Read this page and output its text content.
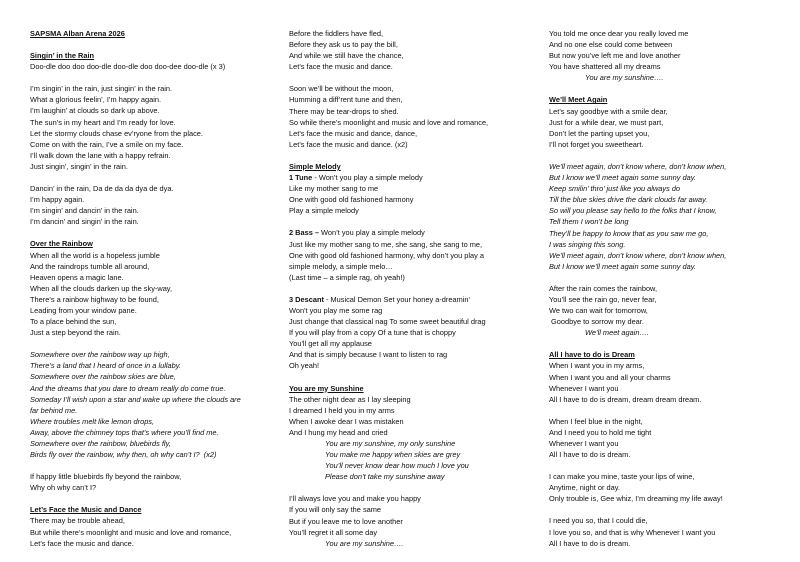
SAPSMA Alban Arena 2026
Singin’ in the Rain
Doo-dle doo doo doo-dle doo-dle doo doo-dee doo-dle (x 3)
I’m singin’ in the rain, just singin’ in the rain.
What a glorious feelin’, I’m happy again.
I’m laughin’ at clouds so dark up above.
The sun’s in my heart and I’m ready for love.
Let the stormy clouds chase ev’ryone from the place.
Come on with the rain, I’ve a smile on my face.
I’ll walk down the lane with a happy refrain.
Just singin’, singin’ in the rain.
Dancin’ in the rain, Da de da da dya de dya.
I’m happy again.
I’m singin’ and dancin’ in the rain.
I’m dancin’ and singin’ in the rain.
Over the Rainbow
When all the world is a hopeless jumble
And the raindrops tumble all around,
Heaven opens a magic lane.
When all the clouds darken up the sky-way,
There’s a rainbow highway to be found,
Leading from your window pane.
To a place behind the sun,
Just a step beyond the rain.
Somewhere over the rainbow way up high,
There’s a land that I heard of once in a lullaby.
Somewhere over the rainbow skies are blue,
And the dreams that you dare to dream really do come true.
Someday I’ll wish upon a star and wake up where the clouds are
far behind me.
Where troubles melt like lemon drops,
Away, above the chimney tops that’s where you’ll find me.
Somewhere over the rainbow, bluebirds fly,
Birds fly over the rainbow, why then, oh why can’t I?  (x2)
If happy little bluebirds fly beyond the rainbow,
Why oh why can’t I?
Let’s Face the Music and Dance
There may be trouble ahead,
But while there’s moonlight and music and love and romance,
Let’s face the music and dance.
Before the fiddlers have fled,
Before they ask us to pay the bill,
And while we still have the chance,
Let’s face the music and dance.
Soon we’ll be without the moon,
Humming a diff’rent tune and then,
There may be tear-drops to shed.
So while there’s moonlight and music and love and romance,
Let’s face the music and dance, dance,
Let’s face the music and dance. (x2)
Simple Melody
1 Tune - Won’t you play a simple melody
Like my mother sang to me
One with good old fashioned harmony
Play a simple melody
2 Bass – Won’t you play a simple melody
Just like my mother sang to me, she sang, she sang to me,
One with good old fashioned harmony, why don’t you play a
simple melody, a simple melo…
(Last time – a simple rag, oh yeah!)
3 Descant - Musical Demon Set your honey a-dreamin'
Won't you play me some rag
Just change that classical nag To some sweet beautiful drag
If you will play from a copy Of a tune that is choppy
You'll get all my applause
And that is simply because I want to listen to rag
Oh yeah!
You are my Sunshine
The other night dear as I lay sleeping
I dreamed I held you in my arms
When I awoke dear I was mistaken
And I hung my head and cried
You are my sunshine, my only sunshine
You make me happy when skies are grey
You’ll never know dear how much I love you
Please don’t take my sunshine away
I’ll always love you and make you happy
If you will only say the same
But if you leave me to love another
You’ll regret it all some day
You are my sunshine….
You told me once dear you really loved me
And no one else could come between
But now you’ve left me and love another
You have shattered all my dreams
You are my sunshine….
We’ll Meet Again
Let’s say goodbye with a smile dear,
Just for a while dear, we must part,
Don’t let the parting upset you,
I’ll not forget you sweetheart.
We’ll meet again, don’t know where, don’t know when,
But I know we’ll meet again some sunny day.
Keep smilin’ thro’ just like you always do
Till the blue skies drive the dark clouds far away.
So will you please say hello to the folks that I know,
Tell them I won’t be long
They’ll be happy to know that as you saw me go,
I was singing this song.
We’ll meet again, don’t know where, don’t know when,
But I know we’ll meet again some sunny day.
After the rain comes the rainbow,
You’ll see the rain go, never fear,
We two can wait for tomorrow,
Goodbye to sorrow my dear.
We’ll meet again….
All I have to do is Dream
When I want you in my arms,
When I want you and all your charms
Whenever I want you
All I have to do is dream, dream dream dream.
When I feel blue in the night,
And I need you to hold me tight
Whenever I want you
All I have to do is dream.
I can make you mine, taste your lips of wine,
Anytime, night or day.
Only trouble is, Gee whiz, I’m dreaming my life away!
I need you so, that I could die,
I love you so, and that is why Whenever I want you
All I have to do is dream.
